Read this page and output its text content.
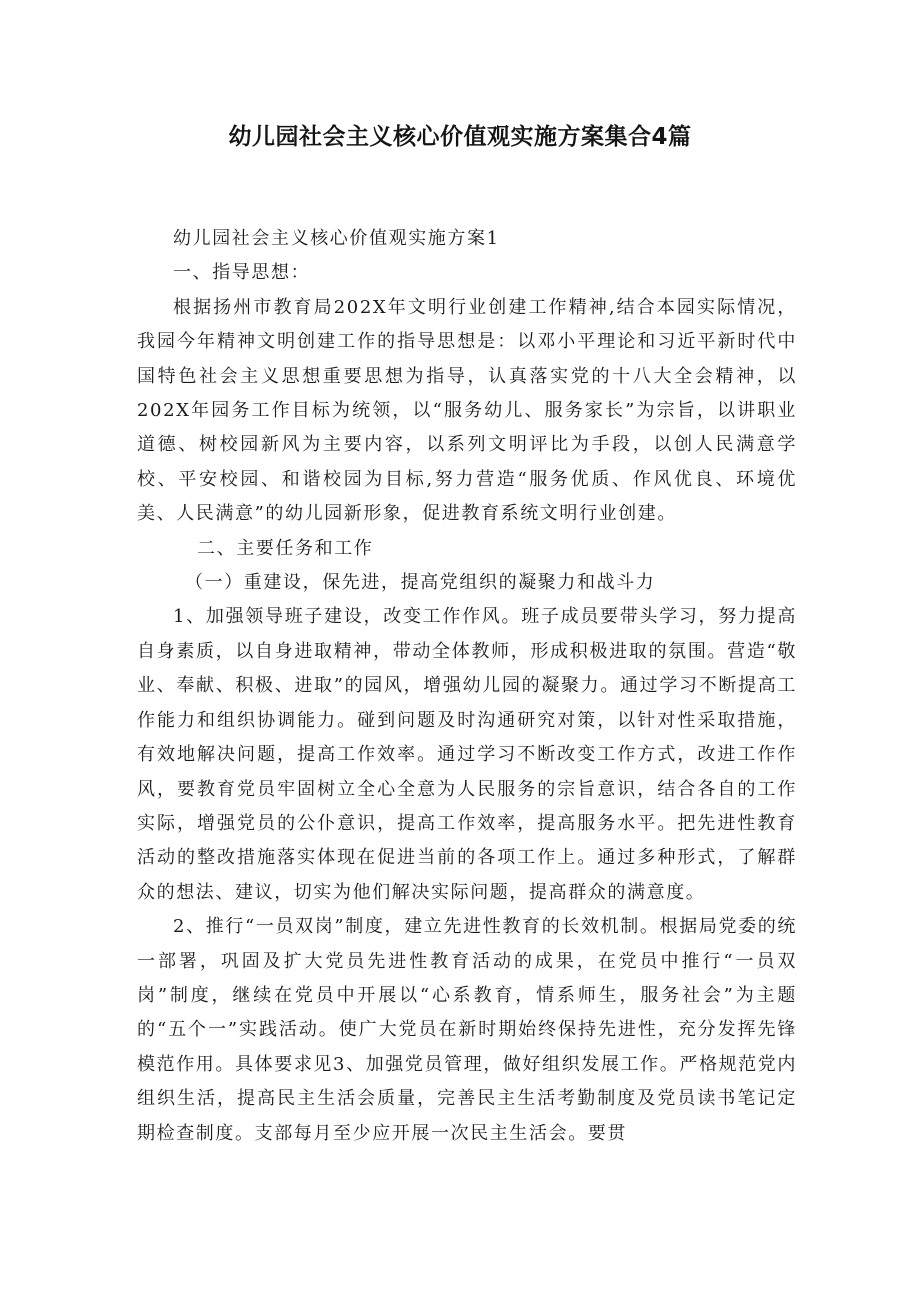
幼儿园社会主义核心价值观实施方案集合4篇

幼儿园社会主义核心价值观实施方案1

一、指导思想：

根据扬州市教育局202X年文明行业创建工作精神,结合本园实际情况，我园今年精神文明创建工作的指导思想是：以邓小平理论和习近平新时代中国特色社会主义思想重要思想为指导，认真落实党的十八大全会精神，以202X年园务工作目标为统领，以“服务幼儿、服务家长”为宗旨，以讲职业道德、树校园新风为主要内容，以系列文明评比为手段，以创人民满意学校、平安校园、和谐校园为目标,努力营造“服务优质、作风优良、环境优美、人民满意”的幼儿园新形象，促进教育系统文明行业创建。

二、主要任务和工作

（一）重建设，保先进，提高党组织的凝聚力和战斗力

1、加强领导班子建设，改变工作作风。班子成员要带头学习，努力提高自身素质，以自身进取精神，带动全体教师，形成积极进取的氛围。营造“敬业、奉献、积极、进取”的园风，增强幼儿园的凝聚力。通过学习不断提高工作能力和组织协调能力。碰到问题及时沟通研究对策，以针对性采取措施，有效地解决问题，提高工作效率。通过学习不断改变工作方式，改进工作作风，要教育党员牢固树立全心全意为人民服务的宗旨意识，结合各自的工作实际，增强党员的公仆意识，提高工作效率，提高服务水平。把先进性教育活动的整改措施落实体现在促进当前的各项工作上。通过多种形式，了解群众的想法、建议，切实为他们解决实际问题，提高群众的满意度。

2、推行“一员双岗”制度，建立先进性教育的长效机制。根据局党委的统一部署，巩固及扩大党员先进性教育活动的成果，在党员中推行“一员双岗”制度，继续在党员中开展以“心系教育，情系师生，服务社会”为主题的“五个一”实践活动。使广大党员在新时期始终保持先进性，充分发挥先锋模范作用。具体要求见3、加强党员管理，做好组织发展工作。严格规范党内组织生活，提高民主生活会质量，完善民主生活考勤制度及党员读书笔记定期检查制度。支部每月至少应开展一次民主生活会。要贯
